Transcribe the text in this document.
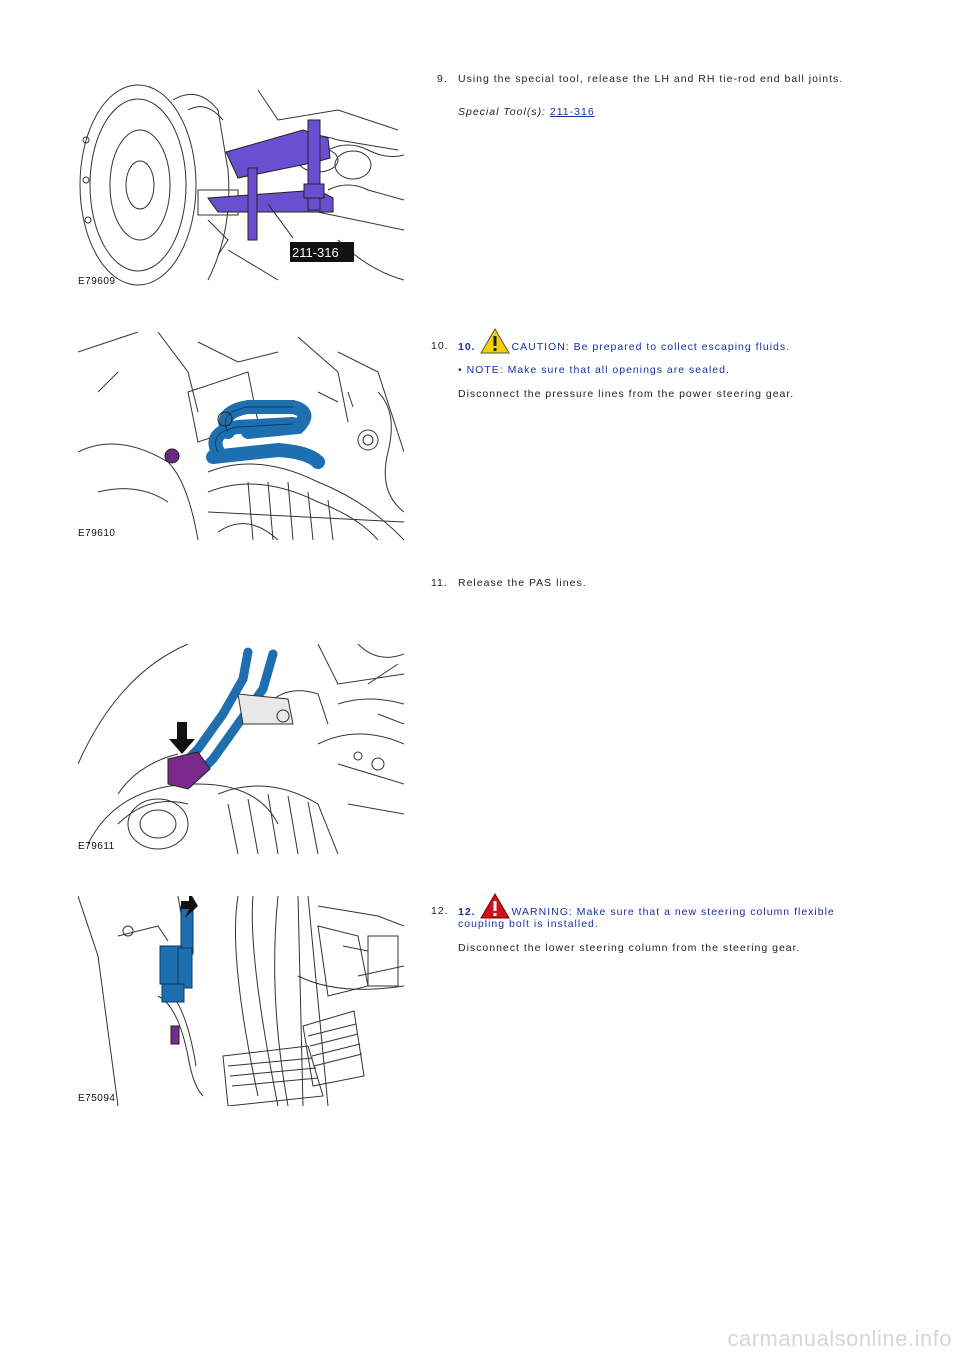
E79609
211-316
9. Using the special tool, release the LH and RH tie-rod end ball joints.
Special Tool(s): 211-316
E79610
10. 10.	CAUTION: Be prepared to collect escaping fluids.
• NOTE: Make sure that all openings are sealed.
Disconnect the pressure lines from the power steering gear.
E79611
11. Release the PAS lines.
E75094
12. 12.	WARNING: Make sure that a new steering column flexible
coupling bolt is installed.
Disconnect the lower steering column from the steering gear.
carmanualsonline.info
